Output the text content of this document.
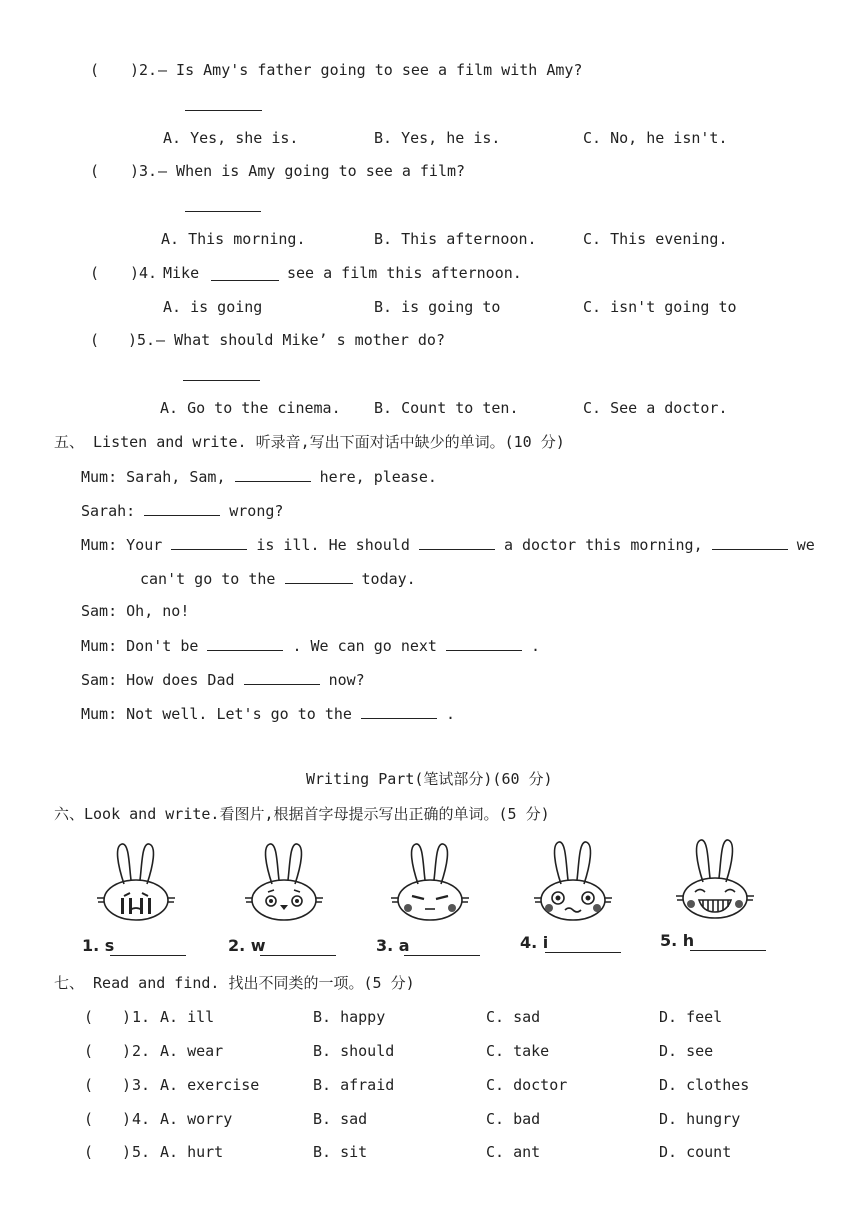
( ) 2. — Is Amy's father going to see a film with Amy?
A. Yes, she is.	B. Yes, he is.	C. No, he isn't.
( ) 3. — When is Amy going to see a film?
A. This morning.	B. This afternoon.	C. This evening.
( ) 4. Mike	see a film this afternoon.
A. is going	B. is going to	C. isn't going to
( ) 5. — What should Mike’ s mother do?
A. Go to the cinema. B. Count to ten.	C. See a doctor.
五、 Listen and write. 听录音,写出下面对话中缺少的单词。(10 分)
Mum: Sarah, Sam,	here, please.
Sarah:	wrong?
Mum: Your	is ill. He should	a doctor this morning,	we
can't go to the	today.
Sam: Oh, no!
Mum: Don't be	. We can go next	.
Sam: How does Dad	now?
Mum: Not well. Let's go to the	.
Writing Part(笔试部分)(60 分)
六、Look and write.看图片,根据首字母提示写出正确的单词。(5 分)
1. s	2. w	3. a	4. i	5. h
七、 Read and find. 找出不同类的一项。(5 分)
( ) 1. A. ill	B. happy	C. sad	D. feel
( ) 2. A. wear	B. should	C. take	D. see
( ) 3. A. exercise	B. afraid	C. doctor	D. clothes
( ) 4. A. worry	B. sad	C. bad	D. hungry
( ) 5. A. hurt	B. sit	C. ant	D. count
